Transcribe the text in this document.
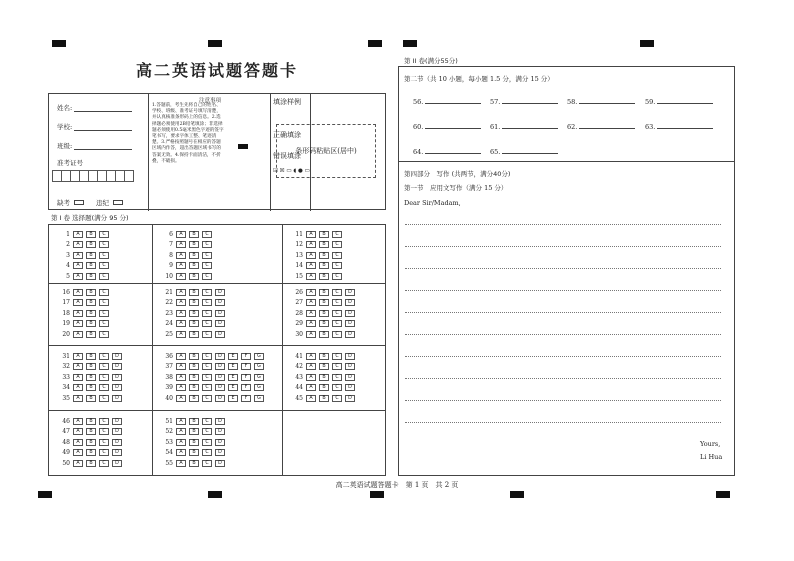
高二英语试题答题卡
姓名:
学校:
班级:
准考证号
缺考	违纪
注意事项
1.答题前，考生先将自己的姓名、学校、班级、准考证号填写清楚，并认真核准条形码上的信息。2.选择题必须使用2B铅笔填涂；非选择题必须使用0.5毫米黑色字迹的签字笔书写，要求字体工整、笔迹清楚。3.严格按照题号在相应的答题区域内作答，超出答题区域书写的答案无效。4.保持卡面清洁，不折叠，不破损。
填涂样例
正确填涂
错误填涂
☑ ☒ ▭ ◖ ● ▭
条形码粘贴区(居中)
第 I 卷 选择题(满分 95 分)
1	A	B	C
2	A	B	C
3	A	B	C
4	A	B	C
5	A	B	C
6	A	B	C
7	A	B	C
8	A	B	C
9	A	B	C
10	A	B	C
11	A	B	C
12	A	B	C
13	A	B	C
14	A	B	C
15	A	B	C
16	A	B	C
17	A	B	C
18	A	B	C
19	A	B	C
20	A	B	C
21	A	B	C	D
22	A	B	C	D
23	A	B	C	D
24	A	B	C	D
25	A	B	C	D
26	A	B	C	D
27	A	B	C	D
28	A	B	C	D
29	A	B	C	D
30	A	B	C	D
31	A	B	C	D
32	A	B	C	D
33	A	B	C	D
34	A	B	C	D
35	A	B	C	D
36	A	B	C	D	E	F	G
37	A	B	C	D	E	F	G
38	A	B	C	D	E	F	G
39	A	B	C	D	E	F	G
40	A	B	C	D	E	F	G
41	A	B	C	D
42	A	B	C	D
43	A	B	C	D
44	A	B	C	D
45	A	B	C	D
46	A	B	C	D
47	A	B	C	D
48	A	B	C	D
49	A	B	C	D
50	A	B	C	D
51	A	B	C	D
52	A	B	C	D
53	A	B	C	D
54	A	B	C	D
55	A	B	C	D
第 II 卷(满分55分)
第二节（共 10 小题，每小题 1.5 分，满分 15 分）
56.	57.	58.	59.
60.	61.	62.	63.
64.	65.
第四部分　写作 (共两节，满分40分)
第一节　应用文写作（满分 15 分）
Dear Sir/Madam,
Yours,
Li Hua
高二英语试题答题卡　第 1 页　共 2 页
